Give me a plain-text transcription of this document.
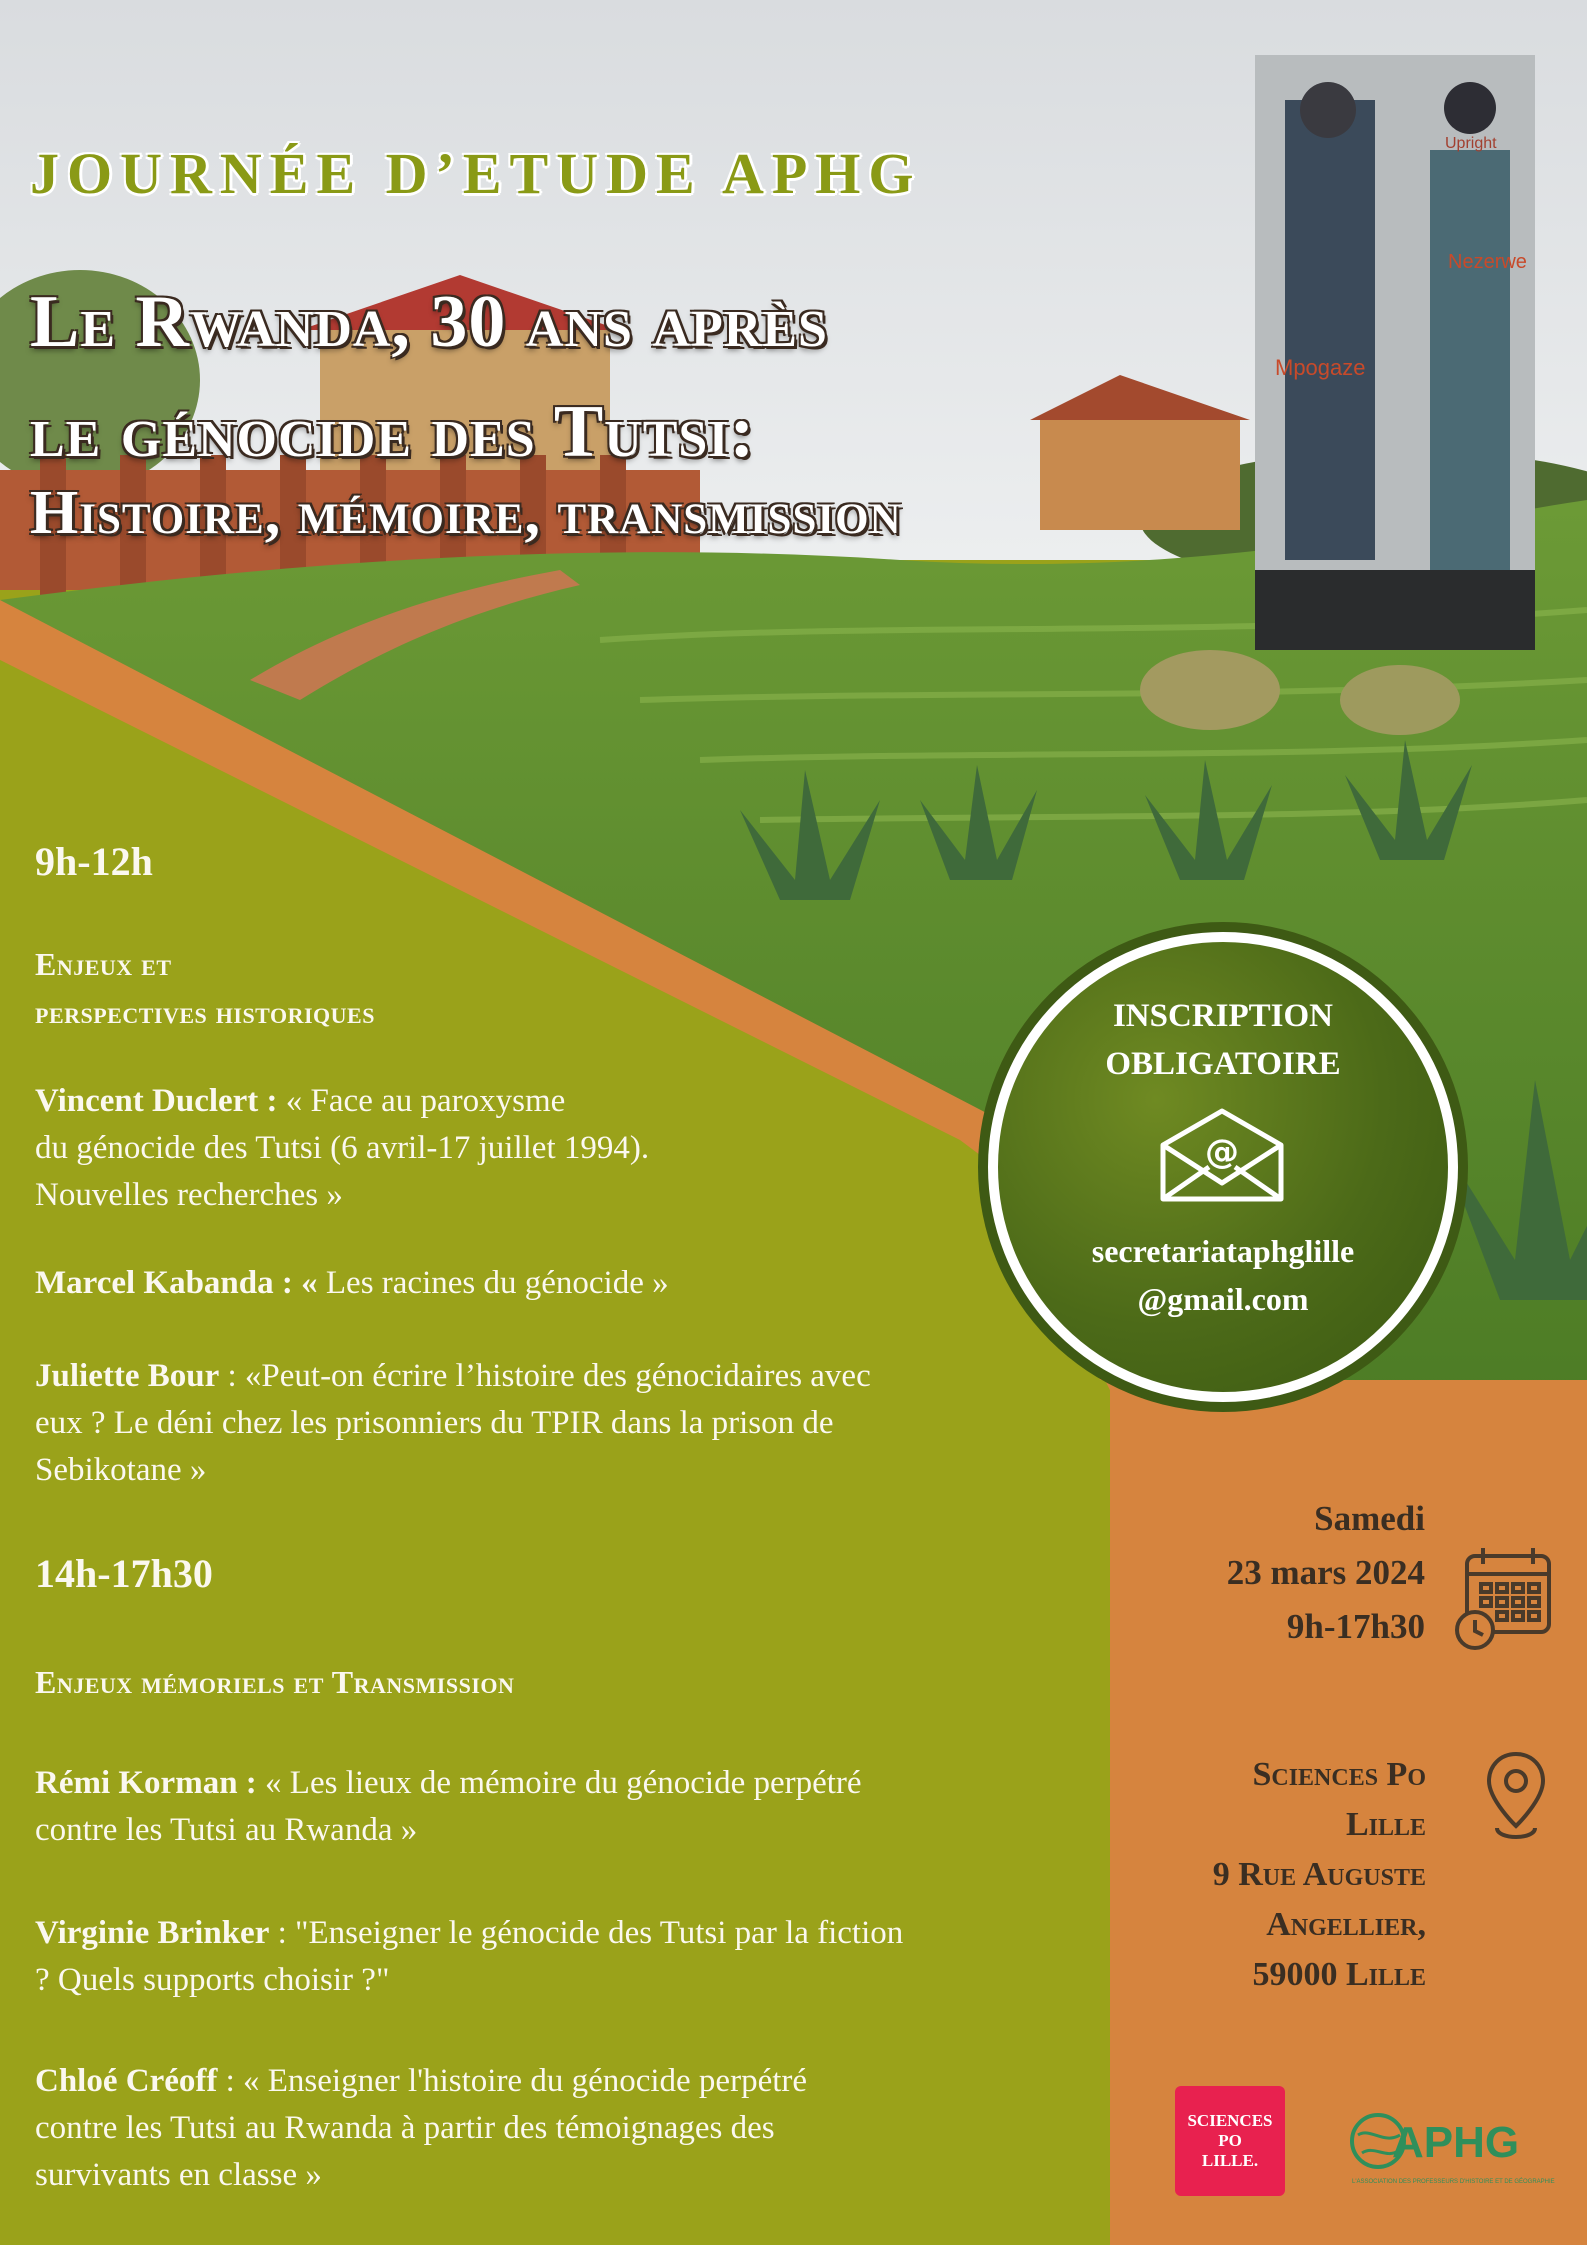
Mpogaze
Nezerwe
Upright
JOURNÉE D’ETUDE APHG
Le Rwanda, 30 ans après
le génocide des Tutsi:
Histoire, mémoire, transmission
9h-12h
Enjeux et
perspectives historiques
Vincent Duclert : « Face au paroxysme
du génocide des Tutsi (6 avril-17 juillet 1994).
Nouvelles recherches »
Marcel Kabanda : « Les racines du génocide »
Juliette Bour : «Peut-on écrire l’histoire des génocidaires avec
eux ? Le déni chez les prisonniers du TPIR dans la prison de
Sebikotane »
14h-17h30
Enjeux mémoriels et Transmission
Rémi Korman : « Les lieux de mémoire du génocide perpétré
contre les Tutsi au Rwanda »
Virginie Brinker : "Enseigner le génocide des Tutsi par la fiction
? Quels supports choisir ?"
Chloé Créoff : « Enseigner l'histoire du génocide perpétré
contre les Tutsi au Rwanda à partir des témoignages des
survivants en classe »
INSCRIPTION
OBLIGATOIRE
@
secretariataphglille
@gmail.com
Samedi
23 mars 2024
9h-17h30
Sciences Po
Lille
9 Rue Auguste
Angellier,
59000 Lille
SCIENCES
PO
LILLE.	APHG
L'ASSOCIATION DES PROFESSEURS D'HISTOIRE ET DE GÉOGRAPHIE
